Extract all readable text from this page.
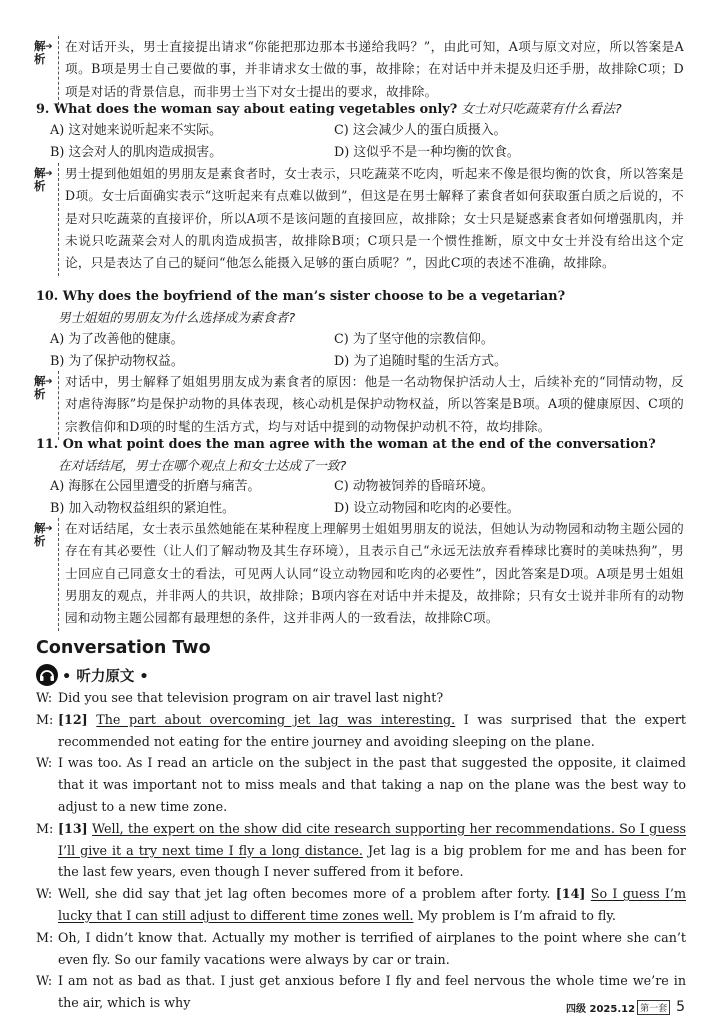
解
析
➔ 在对话开头，男士直接提出请求“你能把那边那本书递给我吗？”，由此可知，A项与原文对应，所以答案是A项。B项是男士自己要做的事，并非请求女士做的事，故排除；在对话中并未提及归还手册，故排除C项；D项是对话的背景信息，而非男士当下对女士提出的要求，故排除。
9. What does the woman say about eating vegetables only? 女士对只吃蔬菜有什么看法?
A) 这对她来说听起来不实际。	C) 这会减少人的蛋白质摄入。
B) 这会对人的肌肉造成损害。	D) 这似乎不是一种均衡的饮食。
解
析
➔ 男士提到他姐姐的男朋友是素食者时，女士表示，只吃蔬菜不吃肉，听起来不像是很均衡的饮食，所以答案是D项。女士后面确实表示“这听起来有点难以做到”，但这是在男士解释了素食者如何获取蛋白质之后说的，不是对只吃蔬菜的直接评价，所以A项不是该问题的直接回应，故排除；女士只是疑惑素食者如何增强肌肉，并未说只吃蔬菜会对人的肌肉造成损害，故排除B项；C项只是一个惯性推断，原文中女士并没有给出这个定论，只是表达了自己的疑问“他怎么能摄入足够的蛋白质呢？”，因此C项的表述不准确，故排除。
10. Why does the boyfriend of the man’s sister choose to be a vegetarian?
男士姐姐的男朋友为什么选择成为素食者?
A) 为了改善他的健康。	C) 为了坚守他的宗教信仰。
B) 为了保护动物权益。	D) 为了追随时髦的生活方式。
解
析
➔ 对话中，男士解释了姐姐男朋友成为素食者的原因：他是一名动物保护活动人士，后续补充的“同情动物，反对虐待海豚”均是保护动物的具体表现，核心动机是保护动物权益，所以答案是B项。A项的健康原因、C项的宗教信仰和D项的时髦的生活方式，均与对话中提到的动物保护动机不符，故均排除。
11. On what point does the man agree with the woman at the end of the conversation?
在对话结尾，男士在哪个观点上和女士达成了一致?
A) 海豚在公园里遭受的折磨与痛苦。	C) 动物被饲养的昏暗环境。
B) 加入动物权益组织的紧迫性。	D) 设立动物园和吃肉的必要性。
解
析
➔ 在对话结尾，女士表示虽然她能在某种程度上理解男士姐姐男朋友的说法，但她认为动物园和动物主题公园的存在有其必要性（让人们了解动物及其生存环境），且表示自己“永远无法放弃看棒球比赛时的美味热狗”，男士回应自己同意女士的看法，可见两人认同“设立动物园和吃肉的必要性”，因此答案是D项。A项是男士姐姐男朋友的观点，并非两人的共识，故排除；B项内容在对话中并未提及，故排除；只有女士说并非所有的动物园和动物主题公园都有最理想的条件，这并非两人的一致看法，故排除C项。
Conversation Two
• 听力原文 •
W: Did you see that television program on air travel last night?
M: [12] The part about overcoming jet lag was interesting. I was surprised that the expert recommended not eating for the entire journey and avoiding sleeping on the plane.
W: I was too. As I read an article on the subject in the past that suggested the opposite, it claimed that it was important not to miss meals and that taking a nap on the plane was the best way to adjust to a new time zone.
M: [13] Well, the expert on the show did cite research supporting her recommendations. So I guess I’ll give it a try next time I fly a long distance. Jet lag is a big problem for me and has been for the last few years, even though I never suffered from it before.
W: Well, she did say that jet lag often becomes more of a problem after forty. [14] So I guess I’m lucky that I can still adjust to different time zones well. My problem is I’m afraid to fly.
M: Oh, I didn’t know that. Actually my mother is terrified of airplanes to the point where she can’t even fly. So our family vacations were always by car or train.
W: I am not as bad as that. I just get anxious before I fly and feel nervous the whole time we’re in the air, which is why	四级 2025.12 第一套 5
